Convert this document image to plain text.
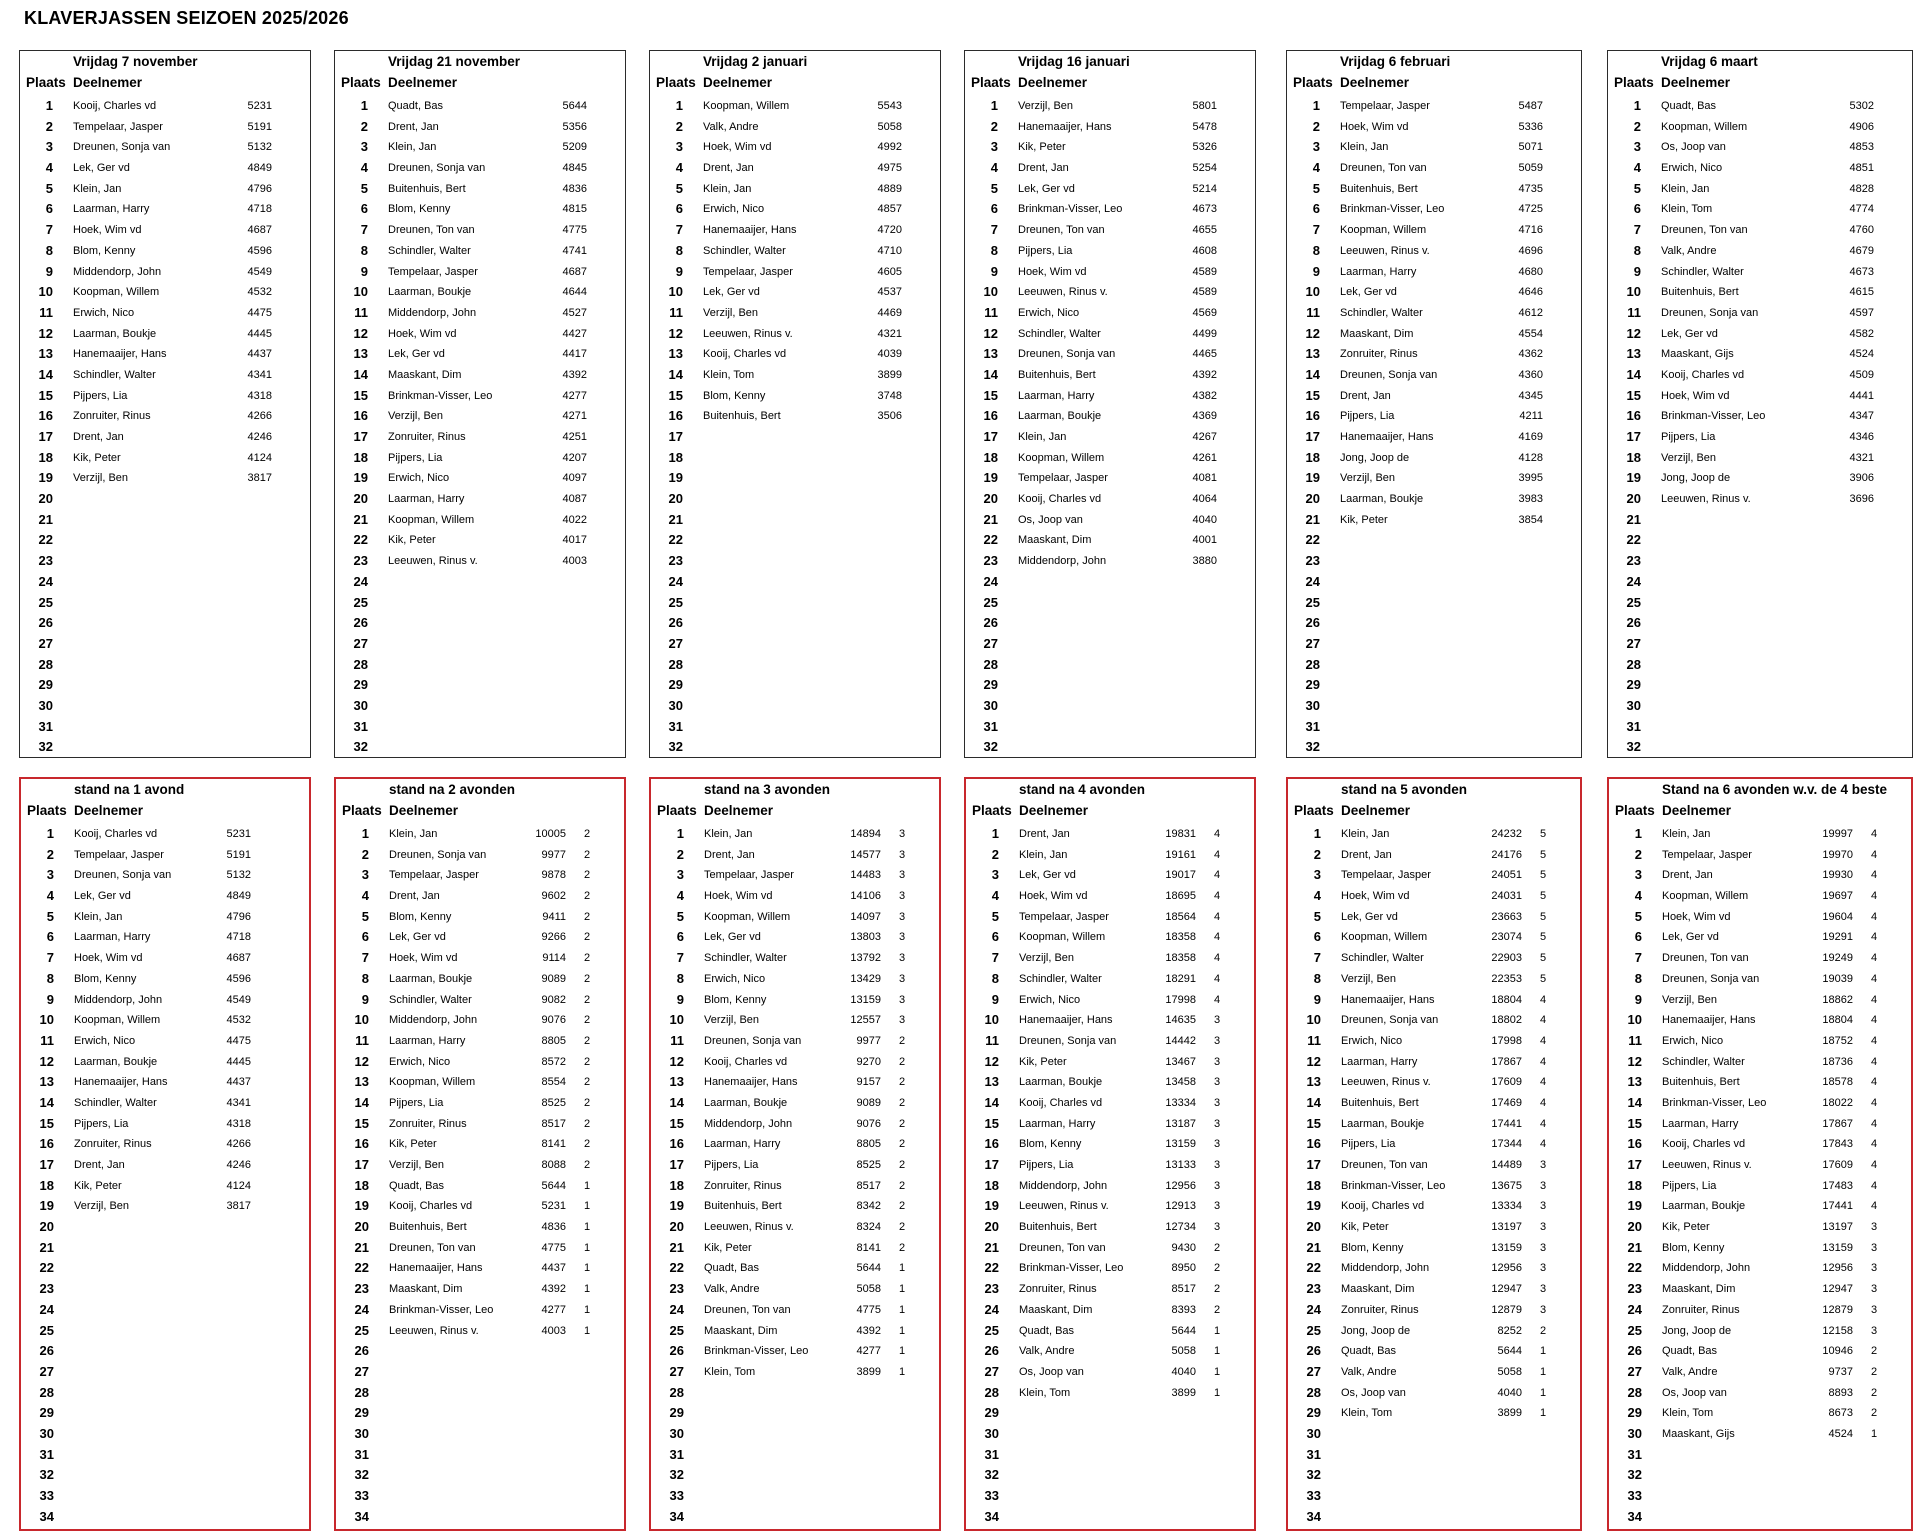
KLAVERJASSEN SEIZOEN 2025/2026
Vrijdag 7 november
Plaats Deelnemer
1 Kooij, Charles vd	5231
2 Tempelaar, Jasper	5191
3 Dreunen, Sonja van	5132
4 Lek, Ger vd	4849
5 Klein, Jan	4796
6 Laarman, Harry	4718
7 Hoek, Wim vd	4687
8 Blom, Kenny	4596
9 Middendorp, John	4549
10 Koopman, Willem	4532
11 Erwich, Nico	4475
12 Laarman, Boukje	4445
13 Hanemaaijer, Hans	4437
14 Schindler, Walter	4341
15 Pijpers, Lia	4318
16 Zonruiter, Rinus	4266
17 Drent, Jan	4246
18 Kik, Peter	4124
19 Verzijl, Ben	3817
20
21
22
23
24
25
26
27
28
29
30
31
32
Vrijdag 21 november
Plaats Deelnemer
1 Quadt, Bas	5644
2 Drent, Jan	5356
3 Klein, Jan	5209
4 Dreunen, Sonja van	4845
5 Buitenhuis, Bert	4836
6 Blom, Kenny	4815
7 Dreunen, Ton van	4775
8 Schindler, Walter	4741
9 Tempelaar, Jasper	4687
10 Laarman, Boukje	4644
11 Middendorp, John	4527
12 Hoek, Wim vd	4427
13 Lek, Ger vd	4417
14 Maaskant, Dim	4392
15 Brinkman-Visser, Leo	4277
16 Verzijl, Ben	4271
17 Zonruiter, Rinus	4251
18 Pijpers, Lia	4207
19 Erwich, Nico	4097
20 Laarman, Harry	4087
21 Koopman, Willem	4022
22 Kik, Peter	4017
23 Leeuwen, Rinus v.	4003
24
25
26
27
28
29
30
31
32
Vrijdag 2 januari
Plaats Deelnemer
1 Koopman, Willem	5543
2 Valk, Andre	5058
3 Hoek, Wim vd	4992
4 Drent, Jan	4975
5 Klein, Jan	4889
6 Erwich, Nico	4857
7 Hanemaaijer, Hans	4720
8 Schindler, Walter	4710
9 Tempelaar, Jasper	4605
10 Lek, Ger vd	4537
11 Verzijl, Ben	4469
12 Leeuwen, Rinus v.	4321
13 Kooij, Charles vd	4039
14 Klein, Tom	3899
15 Blom, Kenny	3748
16 Buitenhuis, Bert	3506
17
18
19
20
21
22
23
24
25
26
27
28
29
30
31
32
Vrijdag 16 januari
Plaats Deelnemer
1 Verzijl, Ben	5801
2 Hanemaaijer, Hans	5478
3 Kik, Peter	5326
4 Drent, Jan	5254
5 Lek, Ger vd	5214
6 Brinkman-Visser, Leo	4673
7 Dreunen, Ton van	4655
8 Pijpers, Lia	4608
9 Hoek, Wim vd	4589
10 Leeuwen, Rinus v.	4589
11 Erwich, Nico	4569
12 Schindler, Walter	4499
13 Dreunen, Sonja van	4465
14 Buitenhuis, Bert	4392
15 Laarman, Harry	4382
16 Laarman, Boukje	4369
17 Klein, Jan	4267
18 Koopman, Willem	4261
19 Tempelaar, Jasper	4081
20 Kooij, Charles vd	4064
21 Os, Joop van	4040
22 Maaskant, Dim	4001
23 Middendorp, John	3880
24
25
26
27
28
29
30
31
32
Vrijdag 6 februari
Plaats Deelnemer
1 Tempelaar, Jasper	5487
2 Hoek, Wim vd	5336
3 Klein, Jan	5071
4 Dreunen, Ton van	5059
5 Buitenhuis, Bert	4735
6 Brinkman-Visser, Leo	4725
7 Koopman, Willem	4716
8 Leeuwen, Rinus v.	4696
9 Laarman, Harry	4680
10 Lek, Ger vd	4646
11 Schindler, Walter	4612
12 Maaskant, Dim	4554
13 Zonruiter, Rinus	4362
14 Dreunen, Sonja van	4360
15 Drent, Jan	4345
16 Pijpers, Lia	4211
17 Hanemaaijer, Hans	4169
18 Jong, Joop de	4128
19 Verzijl, Ben	3995
20 Laarman, Boukje	3983
21 Kik, Peter	3854
22
23
24
25
26
27
28
29
30
31
32
Vrijdag 6 maart
Plaats Deelnemer
1 Quadt, Bas	5302
2 Koopman, Willem	4906
3 Os, Joop van	4853
4 Erwich, Nico	4851
5 Klein, Jan	4828
6 Klein, Tom	4774
7 Dreunen, Ton van	4760
8 Valk, Andre	4679
9 Schindler, Walter	4673
10 Buitenhuis, Bert	4615
11 Dreunen, Sonja van	4597
12 Lek, Ger vd	4582
13 Maaskant, Gijs	4524
14 Kooij, Charles vd	4509
15 Hoek, Wim vd	4441
16 Brinkman-Visser, Leo	4347
17 Pijpers, Lia	4346
18 Verzijl, Ben	4321
19 Jong, Joop de	3906
20 Leeuwen, Rinus v.	3696
21
22
23
24
25
26
27
28
29
30
31
32
stand na 1 avond
Plaats Deelnemer
1 Kooij, Charles vd	5231
2 Tempelaar, Jasper	5191
3 Dreunen, Sonja van	5132
4 Lek, Ger vd	4849
5 Klein, Jan	4796
6 Laarman, Harry	4718
7 Hoek, Wim vd	4687
8 Blom, Kenny	4596
9 Middendorp, John	4549
10 Koopman, Willem	4532
11 Erwich, Nico	4475
12 Laarman, Boukje	4445
13 Hanemaaijer, Hans	4437
14 Schindler, Walter	4341
15 Pijpers, Lia	4318
16 Zonruiter, Rinus	4266
17 Drent, Jan	4246
18 Kik, Peter	4124
19 Verzijl, Ben	3817
20
21
22
23
24
25
26
27
28
29
30
31
32
33
34
stand na 2 avonden
Plaats Deelnemer
1 Klein, Jan	10005 2
2 Dreunen, Sonja van	9977 2
3 Tempelaar, Jasper	9878 2
4 Drent, Jan	9602 2
5 Blom, Kenny	9411 2
6 Lek, Ger vd	9266 2
7 Hoek, Wim vd	9114 2
8 Laarman, Boukje	9089 2
9 Schindler, Walter	9082 2
10 Middendorp, John	9076 2
11 Laarman, Harry	8805 2
12 Erwich, Nico	8572 2
13 Koopman, Willem	8554 2
14 Pijpers, Lia	8525 2
15 Zonruiter, Rinus	8517 2
16 Kik, Peter	8141 2
17 Verzijl, Ben	8088 2
18 Quadt, Bas	5644 1
19 Kooij, Charles vd	5231 1
20 Buitenhuis, Bert	4836 1
21 Dreunen, Ton van	4775 1
22 Hanemaaijer, Hans	4437 1
23 Maaskant, Dim	4392 1
24 Brinkman-Visser, Leo	4277 1
25 Leeuwen, Rinus v.	4003 1
26
27
28
29
30
31
32
33
34
stand na 3 avonden
Plaats Deelnemer
1 Klein, Jan	14894 3
2 Drent, Jan	14577 3
3 Tempelaar, Jasper	14483 3
4 Hoek, Wim vd	14106 3
5 Koopman, Willem	14097 3
6 Lek, Ger vd	13803 3
7 Schindler, Walter	13792 3
8 Erwich, Nico	13429 3
9 Blom, Kenny	13159 3
10 Verzijl, Ben	12557 3
11 Dreunen, Sonja van	9977 2
12 Kooij, Charles vd	9270 2
13 Hanemaaijer, Hans	9157 2
14 Laarman, Boukje	9089 2
15 Middendorp, John	9076 2
16 Laarman, Harry	8805 2
17 Pijpers, Lia	8525 2
18 Zonruiter, Rinus	8517 2
19 Buitenhuis, Bert	8342 2
20 Leeuwen, Rinus v.	8324 2
21 Kik, Peter	8141 2
22 Quadt, Bas	5644 1
23 Valk, Andre	5058 1
24 Dreunen, Ton van	4775 1
25 Maaskant, Dim	4392 1
26 Brinkman-Visser, Leo	4277 1
27 Klein, Tom	3899 1
28
29
30
31
32
33
34
stand na 4 avonden
Plaats Deelnemer
1 Drent, Jan	19831 4
2 Klein, Jan	19161 4
3 Lek, Ger vd	19017 4
4 Hoek, Wim vd	18695 4
5 Tempelaar, Jasper	18564 4
6 Koopman, Willem	18358 4
7 Verzijl, Ben	18358 4
8 Schindler, Walter	18291 4
9 Erwich, Nico	17998 4
10 Hanemaaijer, Hans	14635 3
11 Dreunen, Sonja van	14442 3
12 Kik, Peter	13467 3
13 Laarman, Boukje	13458 3
14 Kooij, Charles vd	13334 3
15 Laarman, Harry	13187 3
16 Blom, Kenny	13159 3
17 Pijpers, Lia	13133 3
18 Middendorp, John	12956 3
19 Leeuwen, Rinus v.	12913 3
20 Buitenhuis, Bert	12734 3
21 Dreunen, Ton van	9430 2
22 Brinkman-Visser, Leo	8950 2
23 Zonruiter, Rinus	8517 2
24 Maaskant, Dim	8393 2
25 Quadt, Bas	5644 1
26 Valk, Andre	5058 1
27 Os, Joop van	4040 1
28 Klein, Tom	3899 1
29
30
31
32
33
34
stand na 5 avonden
Plaats Deelnemer
1 Klein, Jan	24232 5
2 Drent, Jan	24176 5
3 Tempelaar, Jasper	24051 5
4 Hoek, Wim vd	24031 5
5 Lek, Ger vd	23663 5
6 Koopman, Willem	23074 5
7 Schindler, Walter	22903 5
8 Verzijl, Ben	22353 5
9 Hanemaaijer, Hans	18804 4
10 Dreunen, Sonja van	18802 4
11 Erwich, Nico	17998 4
12 Laarman, Harry	17867 4
13 Leeuwen, Rinus v.	17609 4
14 Buitenhuis, Bert	17469 4
15 Laarman, Boukje	17441 4
16 Pijpers, Lia	17344 4
17 Dreunen, Ton van	14489 3
18 Brinkman-Visser, Leo	13675 3
19 Kooij, Charles vd	13334 3
20 Kik, Peter	13197 3
21 Blom, Kenny	13159 3
22 Middendorp, John	12956 3
23 Maaskant, Dim	12947 3
24 Zonruiter, Rinus	12879 3
25 Jong, Joop de	8252 2
26 Quadt, Bas	5644 1
27 Valk, Andre	5058 1
28 Os, Joop van	4040 1
29 Klein, Tom	3899 1
30
31
32
33
34
Stand na 6 avonden w.v. de 4 beste
Plaats Deelnemer
1 Klein, Jan	19997 4
2 Tempelaar, Jasper	19970 4
3 Drent, Jan	19930 4
4 Koopman, Willem	19697 4
5 Hoek, Wim vd	19604 4
6 Lek, Ger vd	19291 4
7 Dreunen, Ton van	19249 4
8 Dreunen, Sonja van	19039 4
9 Verzijl, Ben	18862 4
10 Hanemaaijer, Hans	18804 4
11 Erwich, Nico	18752 4
12 Schindler, Walter	18736 4
13 Buitenhuis, Bert	18578 4
14 Brinkman-Visser, Leo	18022 4
15 Laarman, Harry	17867 4
16 Kooij, Charles vd	17843 4
17 Leeuwen, Rinus v.	17609 4
18 Pijpers, Lia	17483 4
19 Laarman, Boukje	17441 4
20 Kik, Peter	13197 3
21 Blom, Kenny	13159 3
22 Middendorp, John	12956 3
23 Maaskant, Dim	12947 3
24 Zonruiter, Rinus	12879 3
25 Jong, Joop de	12158 3
26 Quadt, Bas	10946 2
27 Valk, Andre	9737 2
28 Os, Joop van	8893 2
29 Klein, Tom	8673 2
30 Maaskant, Gijs	4524 1
31
32
33
34
